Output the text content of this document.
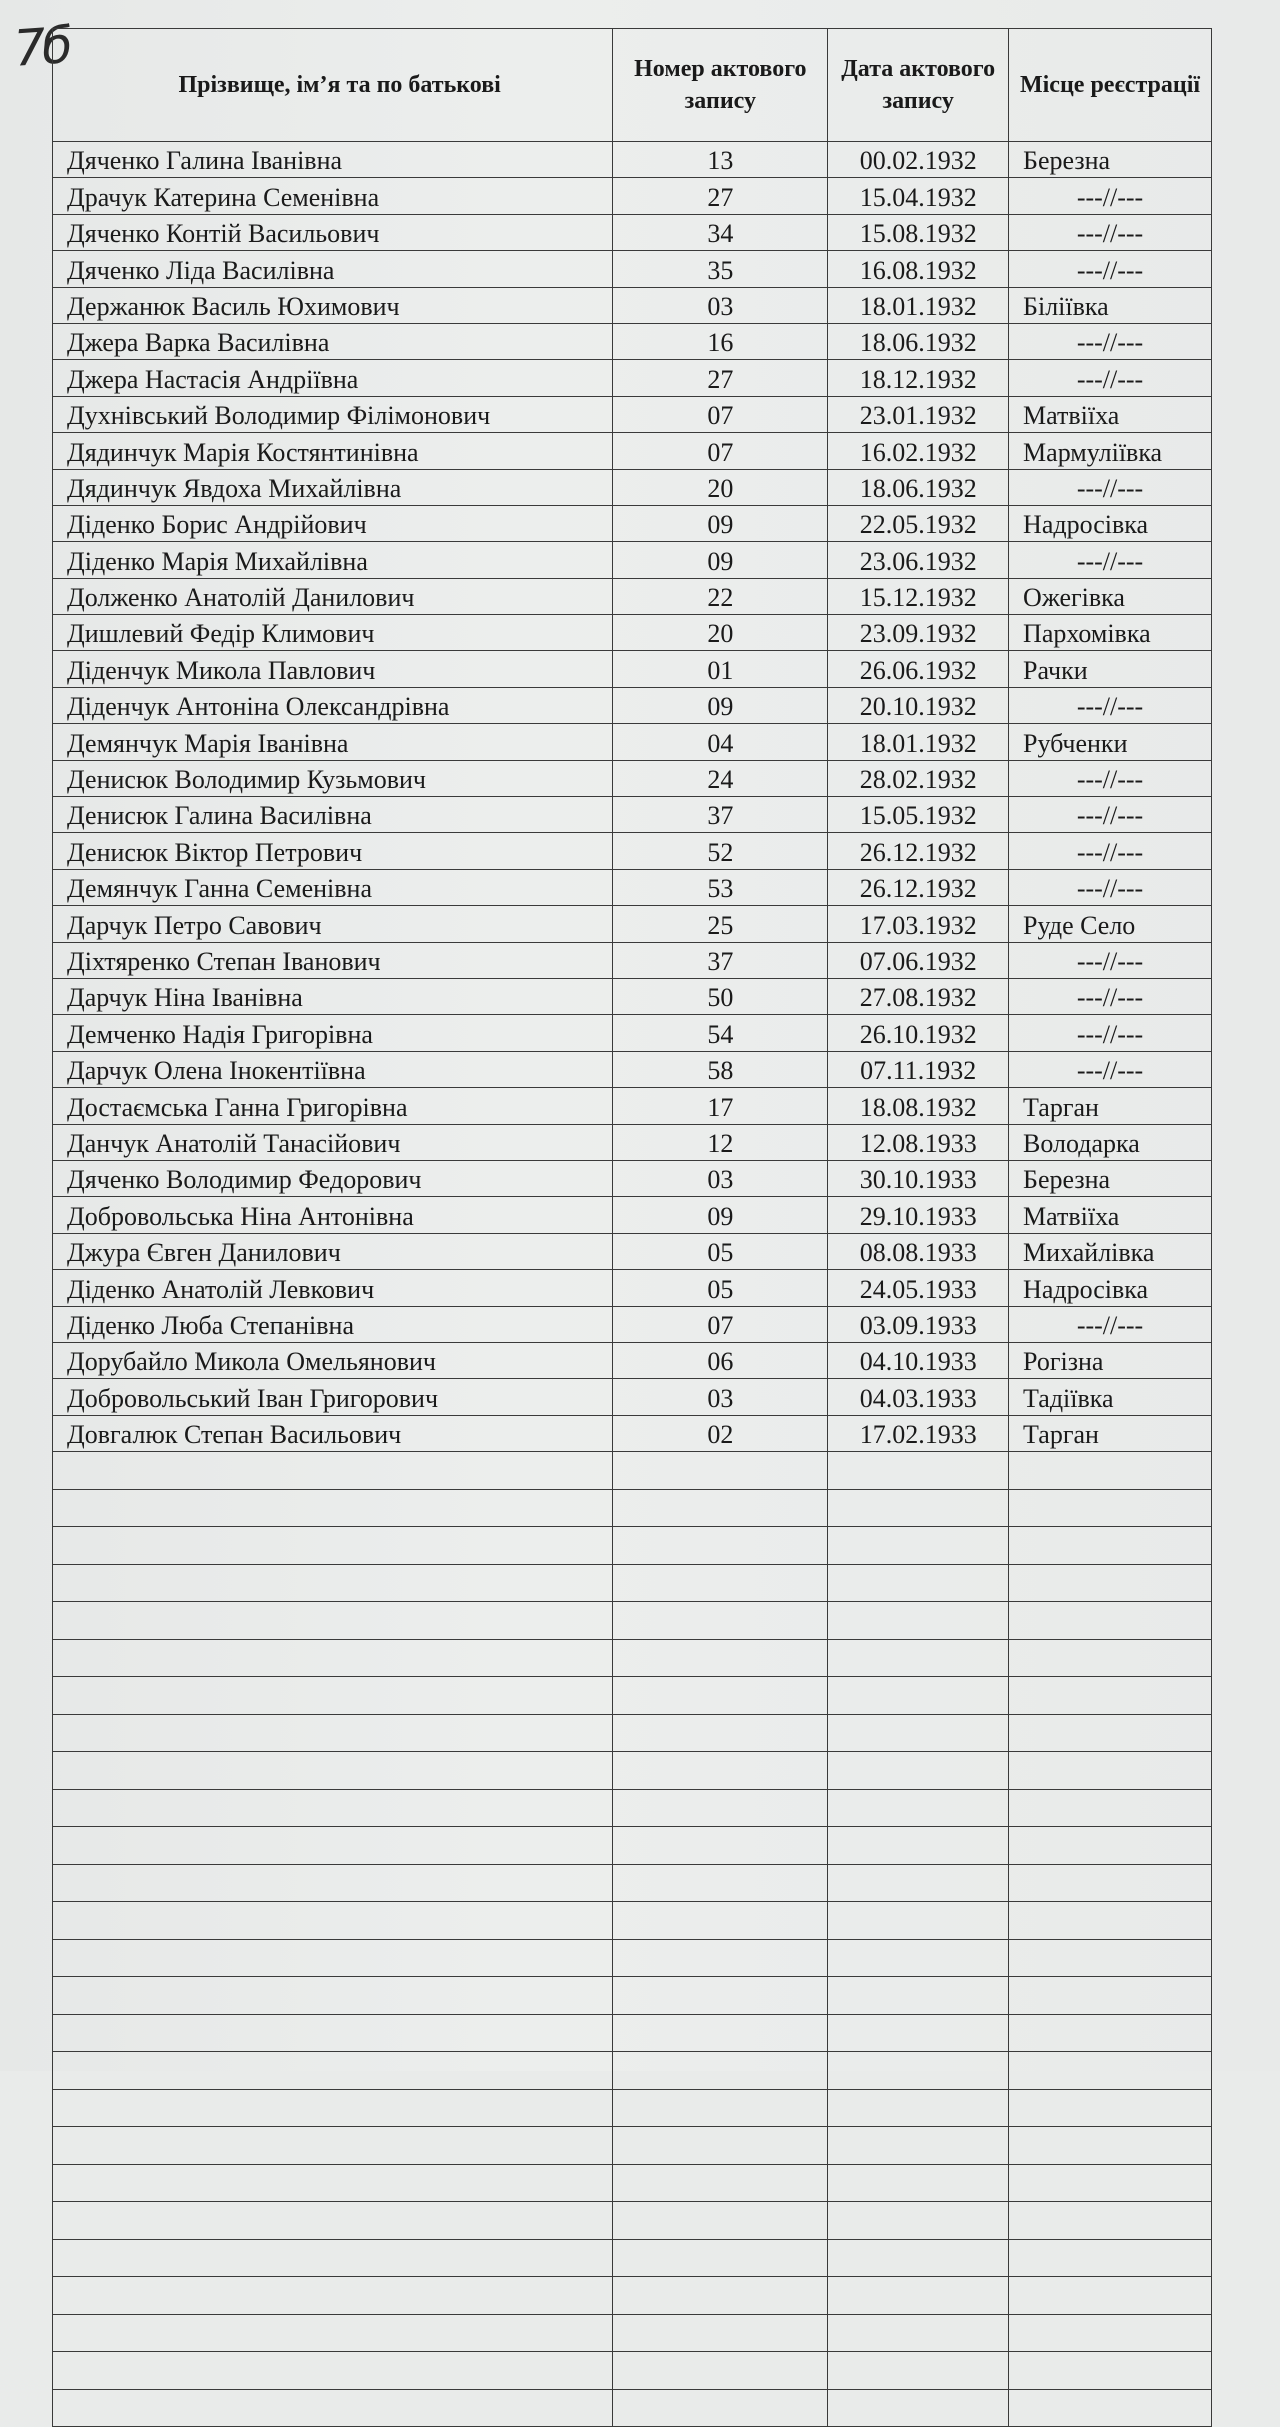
7б
Прізвище, ім’я та по батькові	Номер актового запису	Дата актового запису	Місце реєстрації
Дяченко Галина Іванівна	13	00.02.1932	Березна
Драчук Катерина Семенівна	27	15.04.1932	---//---
Дяченко Контій Васильович	34	15.08.1932	---//---
Дяченко Ліда Василівна	35	16.08.1932	---//---
Держанюк Василь Юхимович	03	18.01.1932	Біліївка
Джера Варка Василівна	16	18.06.1932	---//---
Джера Настасія Андріївна	27	18.12.1932	---//---
Духнівський Володимир Філімонович	07	23.01.1932	Матвіїха
Дядинчук Марія Костянтинівна	07	16.02.1932	Мармуліївка
Дядинчук Явдоха Михайлівна	20	18.06.1932	---//---
Діденко Борис Андрійович	09	22.05.1932	Надросівка
Діденко Марія Михайлівна	09	23.06.1932	---//---
Долженко Анатолій Данилович	22	15.12.1932	Ожегівка
Дишлевий Федір Климович	20	23.09.1932	Пархомівка
Діденчук Микола Павлович	01	26.06.1932	Рачки
Діденчук Антоніна Олександрівна	09	20.10.1932	---//---
Демянчук Марія Іванівна	04	18.01.1932	Рубченки
Денисюк Володимир Кузьмович	24	28.02.1932	---//---
Денисюк Галина Василівна	37	15.05.1932	---//---
Денисюк Віктор Петрович	52	26.12.1932	---//---
Демянчук Ганна Семенівна	53	26.12.1932	---//---
Дарчук Петро Савович	25	17.03.1932	Руде Село
Діхтяренко Степан Іванович	37	07.06.1932	---//---
Дарчук Ніна Іванівна	50	27.08.1932	---//---
Демченко Надія Григорівна	54	26.10.1932	---//---
Дарчук Олена Інокентіївна	58	07.11.1932	---//---
Достаємська Ганна Григорівна	17	18.08.1932	Тарган
Данчук Анатолій Танасійович	12	12.08.1933	Володарка
Дяченко Володимир Федорович	03	30.10.1933	Березна
Добровольська Ніна Антонівна	09	29.10.1933	Матвіїха
Джура Євген Данилович	05	08.08.1933	Михайлівка
Діденко Анатолій Левкович	05	24.05.1933	Надросівка
Діденко Люба Степанівна	07	03.09.1933	---//---
Дорубайло Микола Омельянович	06	04.10.1933	Рогізна
Добровольський Іван Григорович	03	04.03.1933	Тадіївка
Довгалюк Степан Васильович	02	17.02.1933	Тарган
